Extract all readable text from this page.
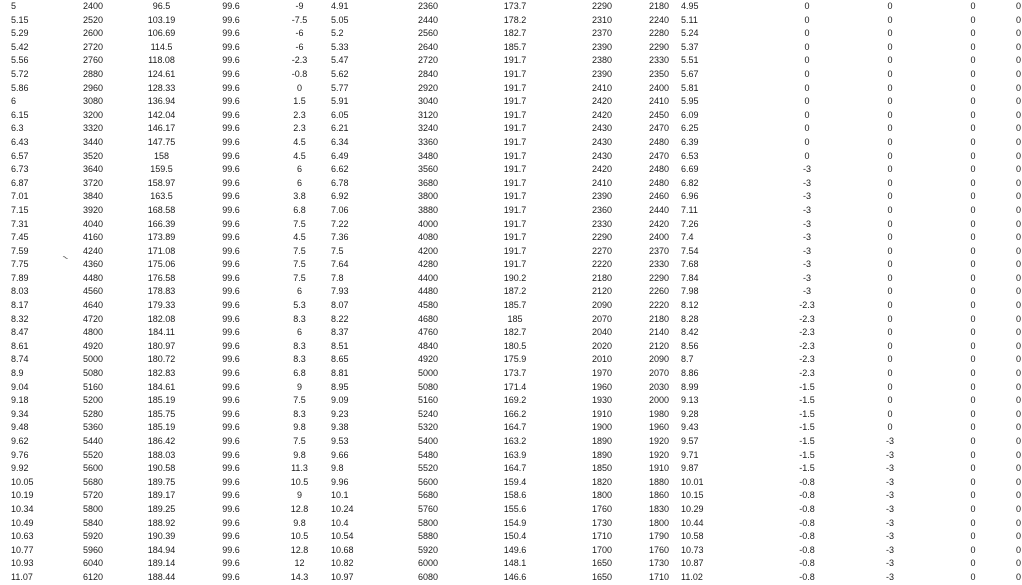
	5	2400	96.5	99.6	-9	4.91	2360	173.7	2290	2180	4.95	0	0	0	0
	5.15	2520	103.19	99.6	-7.5	5.05	2440	178.2	2310	2240	5.11	0	0	0	0
	5.29	2600	106.69	99.6	-6	5.2	2560	182.7	2370	2280	5.24	0	0	0	0
	5.42	2720	114.5	99.6	-6	5.33	2640	185.7	2390	2290	5.37	0	0	0	0
	5.56	2760	118.08	99.6	-2.3	5.47	2720	191.7	2380	2330	5.51	0	0	0	0
	5.72	2880	124.61	99.6	-0.8	5.62	2840	191.7	2390	2350	5.67	0	0	0	0
	5.86	2960	128.33	99.6	0	5.77	2920	191.7	2410	2400	5.81	0	0	0	0
	6	3080	136.94	99.6	1.5	5.91	3040	191.7	2420	2410	5.95	0	0	0	0
	6.15	3200	142.04	99.6	2.3	6.05	3120	191.7	2420	2450	6.09	0	0	0	0
	6.3	3320	146.17	99.6	2.3	6.21	3240	191.7	2430	2470	6.25	0	0	0	0
	6.43	3440	147.75	99.6	4.5	6.34	3360	191.7	2430	2480	6.39	0	0	0	0
	6.57	3520	158	99.6	4.5	6.49	3480	191.7	2430	2470	6.53	0	0	0	0
	6.73	3640	159.5	99.6	6	6.62	3560	191.7	2420	2480	6.69	-3	0	0	0
	6.87	3720	158.97	99.6	6	6.78	3680	191.7	2410	2480	6.82	-3	0	0	0
	7.01	3840	163.5	99.6	3.8	6.92	3800	191.7	2390	2460	6.96	-3	0	0	0
	7.15	3920	168.58	99.6	6.8	7.06	3880	191.7	2360	2440	7.11	-3	0	0	0
	7.31	4040	166.39	99.6	7.5	7.22	4000	191.7	2330	2420	7.26	-3	0	0	0
	7.45	4160	173.89	99.6	4.5	7.36	4080	191.7	2290	2400	7.4	-3	0	0	0
	7.59	4240	171.08	99.6	7.5	7.5	4200	191.7	2270	2370	7.54	-3	0	0	0
	7.75	4360	175.06	99.6	7.5	7.64	4280	191.7	2220	2330	7.68	-3	0	0	0
	7.89	4480	176.58	99.6	7.5	7.8	4400	190.2	2180	2290	7.84	-3	0	0	0
	8.03	4560	178.83	99.6	6	7.93	4480	187.2	2120	2260	7.98	-3	0	0	0
	8.17	4640	179.33	99.6	5.3	8.07	4580	185.7	2090	2220	8.12	-2.3	0	0	0
	8.32	4720	182.08	99.6	8.3	8.22	4680	185	2070	2180	8.28	-2.3	0	0	0
	8.47	4800	184.11	99.6	6	8.37	4760	182.7	2040	2140	8.42	-2.3	0	0	0
	8.61	4920	180.97	99.6	8.3	8.51	4840	180.5	2020	2120	8.56	-2.3	0	0	0
	8.74	5000	180.72	99.6	8.3	8.65	4920	175.9	2010	2090	8.7	-2.3	0	0	0
	8.9	5080	182.83	99.6	6.8	8.81	5000	173.7	1970	2070	8.86	-2.3	0	0	0
	9.04	5160	184.61	99.6	9	8.95	5080	171.4	1960	2030	8.99	-1.5	0	0	0
	9.18	5200	185.19	99.6	7.5	9.09	5160	169.2	1930	2000	9.13	-1.5	0	0	0
	9.34	5280	185.75	99.6	8.3	9.23	5240	166.2	1910	1980	9.28	-1.5	0	0	0
	9.48	5360	185.19	99.6	9.8	9.38	5320	164.7	1900	1960	9.43	-1.5	0	0	0
	9.62	5440	186.42	99.6	7.5	9.53	5400	163.2	1890	1920	9.57	-1.5	-3	0	0
	9.76	5520	188.03	99.6	9.8	9.66	5480	163.9	1890	1920	9.71	-1.5	-3	0	0
	9.92	5600	190.58	99.6	11.3	9.8	5520	164.7	1850	1910	9.87	-1.5	-3	0	0
	10.05	5680	189.75	99.6	10.5	9.96	5600	159.4	1820	1880	10.01	-0.8	-3	0	0
	10.19	5720	189.17	99.6	9	10.1	5680	158.6	1800	1860	10.15	-0.8	-3	0	0
	10.34	5800	189.25	99.6	12.8	10.24	5760	155.6	1760	1830	10.29	-0.8	-3	0	0
	10.49	5840	188.92	99.6	9.8	10.4	5800	154.9	1730	1800	10.44	-0.8	-3	0	0
	10.63	5920	190.39	99.6	10.5	10.54	5880	150.4	1710	1790	10.58	-0.8	-3	0	0
	10.77	5960	184.94	99.6	12.8	10.68	5920	149.6	1700	1760	10.73	-0.8	-3	0	0
	10.93	6040	189.14	99.6	12	10.82	6000	148.1	1650	1730	10.87	-0.8	-3	0	0
	11.07	6120	188.44	99.6	14.3	10.97	6080	146.6	1650	1710	11.02	-0.8	-3	0	0
~
